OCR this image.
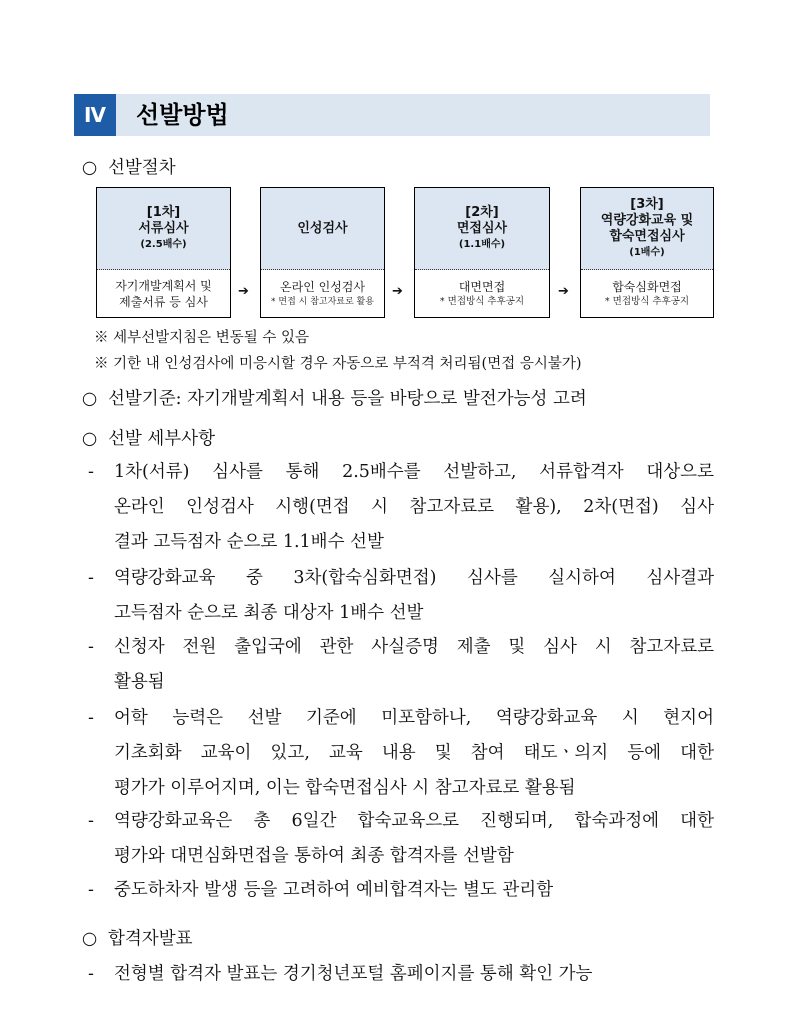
Ⅳ	선발방법
○ 선발절차
[1차]
서류심사
(2.5배수)
자기개발계획서 및
제출서류 등 심사
➔
인성검사
온라인 인성검사
* 면접 시 참고자료로 활용
➔
[2차]
면접심사
(1.1배수)
대면면접
* 면접방식 추후공지
➔
[3차]
역량강화교육 및
합숙면접심사
(1배수)
합숙심화면접
* 면접방식 추후공지
※ 세부선발지침은 변동될 수 있음
※ 기한 내 인성검사에 미응시할 경우 자동으로 부적격 처리됨(면접 응시불가)
○ 선발기준: 자기개발계획서 내용 등을 바탕으로 발전가능성 고려
○ 선발 세부사항
- 1차(서류) 심사를 통해 2.5배수를 선발하고, 서류합격자 대상으로
온라인 인성검사 시행(면접 시 참고자료로 활용), 2차(면접) 심사
결과 고득점자 순으로 1.1배수 선발
- 역량강화교육 중 3차(합숙심화면접) 심사를 실시하여 심사결과
고득점자 순으로 최종 대상자 1배수 선발
- 신청자 전원 출입국에 관한 사실증명 제출 및 심사 시 참고자료로
활용됨
- 어학 능력은 선발 기준에 미포함하나, 역량강화교육 시 현지어
기초회화 교육이 있고, 교육 내용 및 참여 태도ㆍ의지 등에 대한
평가가 이루어지며, 이는 합숙면접심사 시 참고자료로 활용됨
- 역량강화교육은 총 6일간 합숙교육으로 진행되며, 합숙과정에 대한
평가와 대면심화면접을 통하여 최종 합격자를 선발함
- 중도하차자 발생 등을 고려하여 예비합격자는 별도 관리함
○ 합격자발표
- 전형별 합격자 발표는 경기청년포털 홈페이지를 통해 확인 가능
